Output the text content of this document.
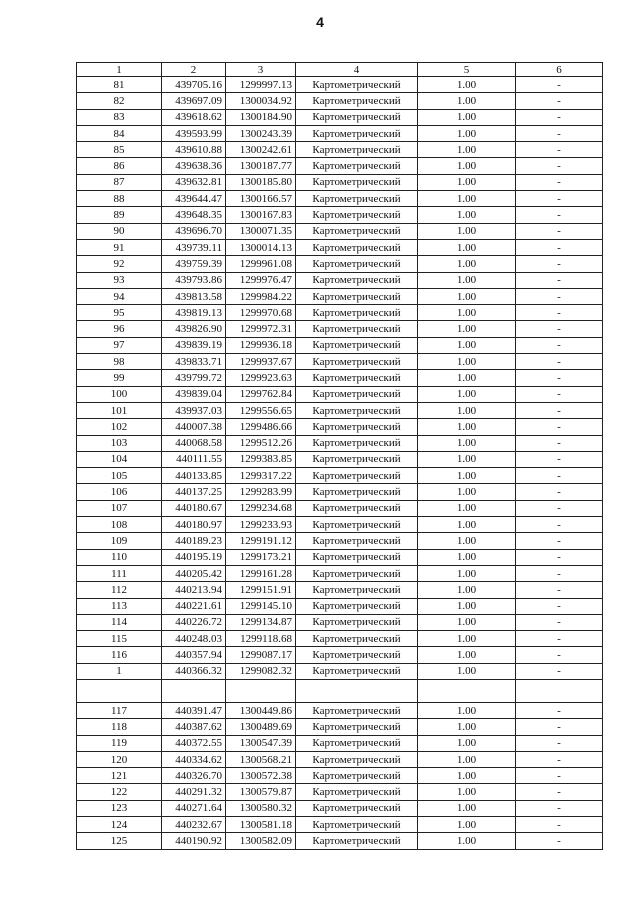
4
1	2	3	4	5	6
81	439705.16	1299997.13	Картометрический	1.00	-
82	439697.09	1300034.92	Картометрический	1.00	-
83	439618.62	1300184.90	Картометрический	1.00	-
84	439593.99	1300243.39	Картометрический	1.00	-
85	439610.88	1300242.61	Картометрический	1.00	-
86	439638.36	1300187.77	Картометрический	1.00	-
87	439632.81	1300185.80	Картометрический	1.00	-
88	439644.47	1300166.57	Картометрический	1.00	-
89	439648.35	1300167.83	Картометрический	1.00	-
90	439696.70	1300071.35	Картометрический	1.00	-
91	439739.11	1300014.13	Картометрический	1.00	-
92	439759.39	1299961.08	Картометрический	1.00	-
93	439793.86	1299976.47	Картометрический	1.00	-
94	439813.58	1299984.22	Картометрический	1.00	-
95	439819.13	1299970.68	Картометрический	1.00	-
96	439826.90	1299972.31	Картометрический	1.00	-
97	439839.19	1299936.18	Картометрический	1.00	-
98	439833.71	1299937.67	Картометрический	1.00	-
99	439799.72	1299923.63	Картометрический	1.00	-
100	439839.04	1299762.84	Картометрический	1.00	-
101	439937.03	1299556.65	Картометрический	1.00	-
102	440007.38	1299486.66	Картометрический	1.00	-
103	440068.58	1299512.26	Картометрический	1.00	-
104	440111.55	1299383.85	Картометрический	1.00	-
105	440133.85	1299317.22	Картометрический	1.00	-
106	440137.25	1299283.99	Картометрический	1.00	-
107	440180.67	1299234.68	Картометрический	1.00	-
108	440180.97	1299233.93	Картометрический	1.00	-
109	440189.23	1299191.12	Картометрический	1.00	-
110	440195.19	1299173.21	Картометрический	1.00	-
111	440205.42	1299161.28	Картометрический	1.00	-
112	440213.94	1299151.91	Картометрический	1.00	-
113	440221.61	1299145.10	Картометрический	1.00	-
114	440226.72	1299134.87	Картометрический	1.00	-
115	440248.03	1299118.68	Картометрический	1.00	-
116	440357.94	1299087.17	Картометрический	1.00	-
1	440366.32	1299082.32	Картометрический	1.00	-

117	440391.47	1300449.86	Картометрический	1.00	-
118	440387.62	1300489.69	Картометрический	1.00	-
119	440372.55	1300547.39	Картометрический	1.00	-
120	440334.62	1300568.21	Картометрический	1.00	-
121	440326.70	1300572.38	Картометрический	1.00	-
122	440291.32	1300579.87	Картометрический	1.00	-
123	440271.64	1300580.32	Картометрический	1.00	-
124	440232.67	1300581.18	Картометрический	1.00	-
125	440190.92	1300582.09	Картометрический	1.00	-
